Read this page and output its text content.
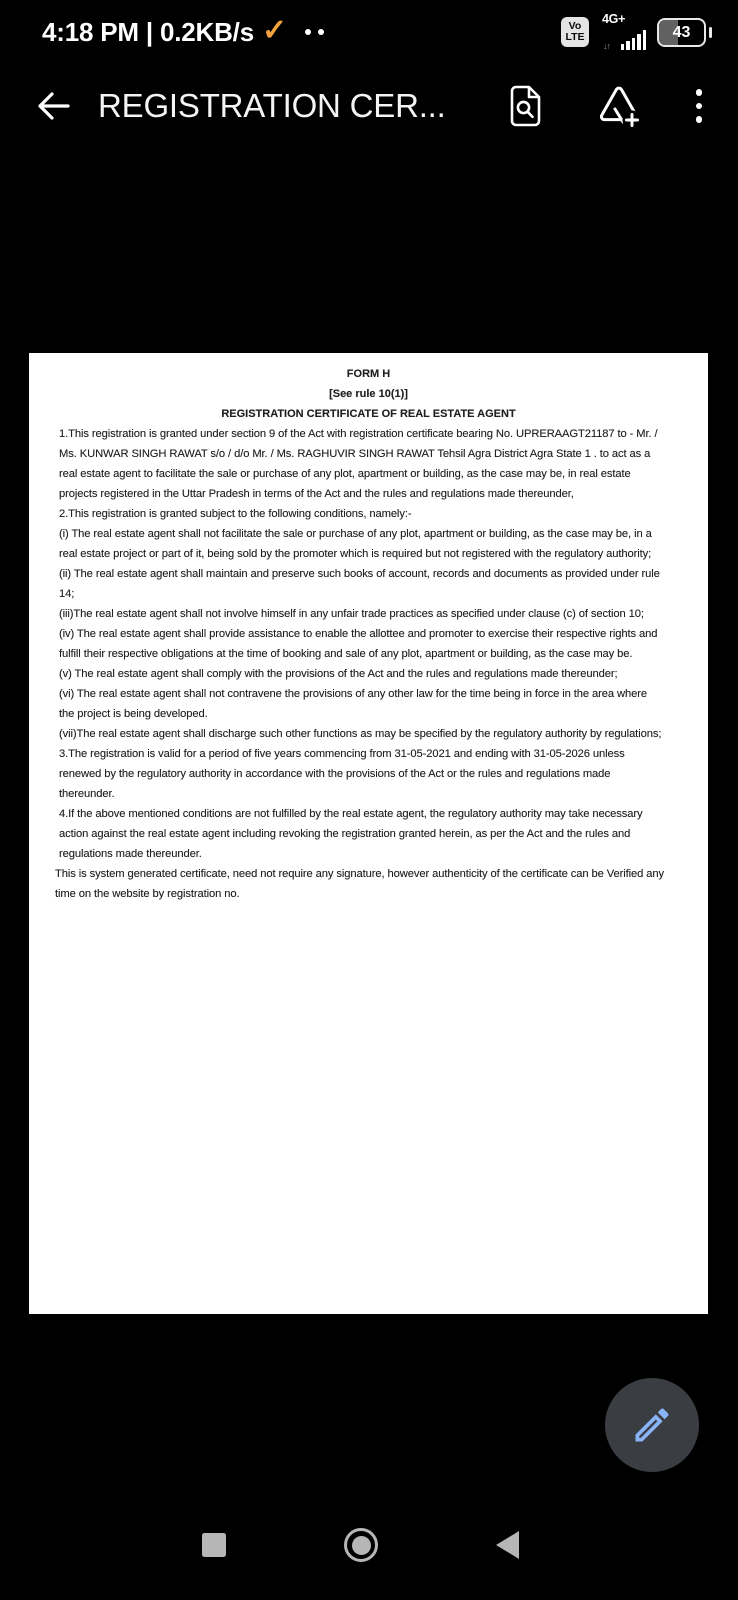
4:18 PM | 0.2KB/s ✓	Vo
LTE
4G+
↓↑
43
REGISTRATION CER...
FORM H
[See rule 10(1)]
REGISTRATION CERTIFICATE OF REAL ESTATE AGENT
1.This registration is granted under section 9 of the Act with registration certificate bearing No. UPRERAAGT21187 to - Mr. /
Ms. KUNWAR SINGH RAWAT s/o / d/o Mr. / Ms. RAGHUVIR SINGH RAWAT Tehsil Agra District Agra State 1 . to act as a
real estate agent to facilitate the sale or purchase of any plot, apartment or building, as the case may be, in real estate
projects registered in the Uttar Pradesh in terms of the Act and the rules and regulations made thereunder,
2.This registration is granted subject to the following conditions, namely:-
(i) The real estate agent shall not facilitate the sale or purchase of any plot, apartment or building, as the case may be, in a
real estate project or part of it, being sold by the promoter which is required but not registered with the regulatory authority;
(ii) The real estate agent shall maintain and preserve such books of account, records and documents as provided under rule
14;
(iii)The real estate agent shall not involve himself in any unfair trade practices as specified under clause (c) of section 10;
(iv) The real estate agent shall provide assistance to enable the allottee and promoter to exercise their respective rights and
fulfill their respective obligations at the time of booking and sale of any plot, apartment or building, as the case may be.
(v) The real estate agent shall comply with the provisions of the Act and the rules and regulations made thereunder;
(vi) The real estate agent shall not contravene the provisions of any other law for the time being in force in the area where
the project is being developed.
(vii)The real estate agent shall discharge such other functions as may be specified by the regulatory authority by regulations;
3.The registration is valid for a period of five years commencing from 31-05-2021 and ending with 31-05-2026 unless
renewed by the regulatory authority in accordance with the provisions of the Act or the rules and regulations made
thereunder.
4.If the above mentioned conditions are not fulfilled by the real estate agent, the regulatory authority may take necessary
action against the real estate agent including revoking the registration granted herein, as per the Act and the rules and
regulations made thereunder.
This is system generated certificate, need not require any signature, however authenticity of the certificate can be Verified any
time on the website by registration no.
